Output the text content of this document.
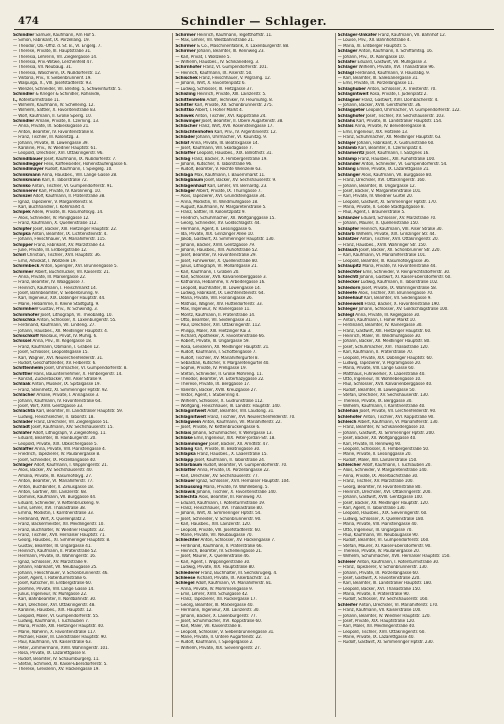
474	Schindler — Schlager.
Schindler Samuel, Kaufmann, Am Hof 5.
— Simon, Fabrikant, IX. Porzellang. 19.
— Theodor, Ob.-Offiz. d. St. B., VI. Engelg. 7.
— Therese, Private, III. Hauptstraße 31.
— Theresia, Lehrerin, VII. Zieglergasse 14.
— Theresia, Priv.-Witwe, Lerchenfeld 47.
— Theresia, VII. Neubaug. 31.
— Theresia, Wäscherin, IX. Nußdorferstr. 12.
— Viktoria, Priv., V. Siebenbrunnenf. 19.
— Walpurga, X., VIII. Josefstädterstr. 93.
— Wenzel, Schneider, VII. Breiteg. 5, Schweinfurtstr. 5.
Schindler & Krieger & Schindler, Rohseide,
I., Rotenturmstraße 11.
— Wilhelm, Kaufmann, IV. Schelleing. 12.
— Wilhelm, Sattler, X. Favoritenstraße 83.
— Wolf, Kaufmann, II. Große Sperlg. 10.
Schindler Amalie, Private, II. Czerning. 13.
— Anna, Private, IX. Sobieskigasse 21.
— Anton, Beamter, IV. Favoritenstraße 8.
— Franz, Tischler, III. Kolonitzg. 3.
— Johann, Private, III. Löwengasse 39.
— Karoline, Priv., IV. Wiedner Hauptstr. 61.
— Leopold, Drechsler, XVI. Ottakringerstr. 96.
Schindlbauer Josef, Kaufmann, IX. Nußdorferstr. 7.
Schindlegger Felix, Kaffeesieder, Hohenstaufengasse 6.
Schindlmayer Rudolf, Kaufmann, I. Spiegelg. 10.
Schinkmann Anna, Hausbes., VIII. Lange Gasse 28.
Schinkmann Karl, II. Taborstraße 72.
Schinko Anton, Tischler, VI. Gumpendorferstr. 91.
Schinnerer Karl, Private, IV. Karolineng. 10.
Schinzel Adolf, Kaufmann, II. Praterstraße 38.
— Ignaz, Tapezierer, V. Margaretenstr. 8.
— Karl, Buchhändler, I. Kohlmarkt 4.
Schipek Adele, Private, III. Rasumofskyg. 14.
— Alois, Schneider, IV. Paniglgasse 12.
— Franz, Kaufmann, X. Quellenstraße 112.
Schipfer Josef, Bäcker, XIII. Hietzinger Hauptstr. 22.
Schipka Anton, Beamter, IX. Lichtensteinstr. 4.
— Johann, Fleischhauer, VI. Mariahilferstr. 115.
Schipper Franz, Fabrikant, XV. Märzstraße 43.
— Julie, Private, III. Erdbergstraße 12.
Schirl Christian, Tischler, XVII. Hauptstr. 36.
— Emil, Advokat, I. Wollzeile 19.
Schirmbeck Anton, Spengler, XVI. Brunnengasse 5.
Schirmer Albert, Buchdrucker, VII. Kaiserstr. 21.
— Anna, Private, III. Marxergasse 22.
— Franz, Beamter, IV. Waaggasse 7.
— Heinrich, Kaufmann, I. Fleischmarkt 14.
— Josef, Bahnbeamter, V. Siebenbrunng. 9.
— Karl, Ingenieur, XIX. Döblinger Hauptstr. 44.
— Marie, Hebamme, II. Kleine Stadtgutg. 9.
Schirmherr Gustav, Priv., IV. Schwindg. 3.
Schirnhofer Josef, Lithograph, VI. Theobaldg. 10.
Schischka Anton, Schlosser, X. Laxenburgerstr. 55.
— Ferdinand, Kaufmann, VII. Lindeng. 27.
— Johann, Hausbes., XII. Meidlinger Hauptstr. 4.
Schischkoff Nikolaus, Privat, IV. Mühlg. 6.
Schissel Anna, Priv., III. Kegelgasse 18.
— Franz, Kaufmann, Obmann, I. Graben 12.
— Josef, Schlosser, Leopoldsgasse 15.
— Karl, Wagner, XVI. Neulerchenfelderstr. 31.
— Rudolf, Geschäftsleiter, XV. Felberstr. 6.
Schittenhelm Josef, Uhrmacher, VI. Gumpendorferstr. 8.
Schittler Hans, Bauunternehmer, X. Himbergerstr. 14.
— Konrad, Zuckerbäcker, VIII. Alser Straße 9.
Schlaak Anton, Musiker, IX. Spitalgasse 19.
— Franz, Steinmetz, XI. Simmeringer Hptstr. 92.
Schlacher Amalie, Private, I. Annagasse 3.
— Johann, Kaufmann, IV. Favoritenstraße 64.
— Josef, Wirt, XVIII. Gentzgasse 33.
Schlachta Karl, Beamter, III. Landstraßer Hauptstr. 59.
— Ludwig, Fleischselcher, II. Taborstr. 18.
Schlader Franz, Drechsler, VII. Zieglergasse 51.
Schladt Josef, Kaufmann, XIV. Sechshauserstr. 15.
Schläfer Adolf, Lithograph, V. Ziegelofeng. 11.
— Eduard, Beamter, III. Hainburgerstr. 20.
— Leopold, Private, XIX. Obkirchergasse 5.
Schlaffer Anna, Private, VIII. Piaristengasse 4.
— Friedrich, Tapezierer, IV. Paulanergasse 8.
— Josef, Schneider, IX. Porzellangasse 40.
Schlager Adolf, Kaufmann, I. Wipplingerstr. 21.
— Alois, Bäcker, XV. Sechshauserstr. 40.
— Amalia, Private, III. Rasumofskyg. 27.
— Anton, Beamter, VI. Mariahilferstr. 77.
— Anton, Buchbinder, II. Zirkusgasse 18.
— Anton, Gärtner, XIII. Lainzerstr. 68.
— Dominik, Kaufmann, VII. Burggasse 44.
— Eduard, Schneider, V. Kettenbrückeng. 9.
— Emil, Lehrer, XVI. Thaliastraße 38.
— Emma, Modistin, I. Kärntnerstraße 33.
— Ferdinand, Wirt, X. Quellenplatz 2.
— Franz, Bäckermeister, XII. Meidlingerstr. 10.
— Franz, Buchhalter, IV. Wiedner Hauptstr. 32.
— Franz, Tischler, XVII. Hernalser Hauptstr. 71.
— Georg, Hausbes., XI. Simmeringer Hauptstr. 8.
— Gustav, Beamter, III. Ungargasse 41.
— Heinrich, Kaufmann, II. Praterstraße 52.
— Hermann, Private, IX. Währingerstr. 16.
— Ignaz, Schlosser, XV. Märzstraße 9.
— Johann, Fabrikant, VII. Neubaugasse 25.
— Johann, Fleischhauer, V. Schönbrunnerstr. 46.
— Josef, Agent, I. Rotenturmstraße 6.
— Josef, Kutscher, III. Erdbergstraße 60.
— Josefine, Private, VIII. Lange Gasse 14.
— Julius, Ingenieur, IV. Mühlgasse 22.
— Karl, Bahnbeamter, II. Nordbahnstr. 30.
— Karl, Drechsler, XVI. Ottakringerstr. 48.
— Karoline, Hausbes., XIX. Hauptstr. 12.
— Leopold, Maler, VI. Gumpendorferstr. 55.
— Ludwig, Kaufmann, I. Tuchlauben 7.
— Maria, Private, XIII. Hietzinger Hauptstr. 40.
— Marie, Näherin, X. Favoritenstraße 117.
— Michael, Fiaker, III. Landstraßer Hauptstr. 90.
— Paul, Kaufmann, VII. Kaiserstraße 63.
— Peter, Zimmermann, XVIII. Währingerstr. 101.
— Rosa, Private, IX. Lazarettgasse 8.
— Rudolf, Beamter, IV. Schaumburgerg. 11.
— Stefan, Schmied, XI. Kaiser-Ebersdorferstr. 5.
— Therese, Greislerin, XV. Hackengasse 19.
Schirmer Heinrich, Kaufmann, Tegetthoffstr. 11.
— Max, Lehrer, VII. Westbahnstraße 21.
Schirmer & Co., Maschinenfabrik, X. Laxenburgerstr. 88.
Schirmer Johann, Beamter, III. Rennweg 23.
— Karl, Privat, I. Wollzeile 5.
— Wilhelm, Hausbes., IV. Schikanederg. 3.
Schirnhofer Franz, VI. Gumpendorferstr. 101.
— Heinrich, Kaufmann, IX. Alserstr. 50.
Schischek Franz, Fleischhauer, V. Pilgramg. 12.
— Johann, Wirt, X. Favoritenplatz 6.
— Ludwig, Schlosser, III. Hetzgasse 37.
Schisling Heinrich, Private, XIII. Lainzerstr. 5.
Schittenhelm Adolf, Techniker, IV. Heumühlg. 8.
Schitter Karl, Private, XII. Schönbrunnerstr. 275.
Schittko Albert, I. Hoher Markt 4.
Schiwek Anton, Tischler, XVI. Koppstraße 24.
Schiwinger Josef, Beamter, II. Obere Augartenstr. 38.
Schlacher Franz, Wirt, XVII. Rosensteingasse 17.
Schlachtenhofen Karl, Priv., IV. Argentinierstr. 12.
Schlader Johann, Uhrmacher, VI. Kaunitzg. 9.
Schlaf Anna, Private, III. Beatrixgasse 14.
— Josef, Kaufmann, VIII. Skodagasse 7.
Schlaffer Leopold, Hausbes., XIX. Billrothstr. 31.
Schlag Franz, Bäcker, X. Himbergerstraße 19.
— Johann, Kutscher, II. Taborstraße 96.
— Rudolf, Beamter, V. Rechte Wienzeile 63.
Schlaga Max, Kaufmann, I. Bauernmarkt 11.
Schlagbaum Josef, Bäcker, XV. Sechshauserstr. 9.
Schlagenhauf Karl, Lehrer, VII. Bernardg. 23.
Schlager Albert, Private, IX. Thurngasse 7.
— Alois, Tapezierer, XVI. Grundsteingasse 34.
— Anna, Modistin, VI. Windmühlgasse 18.
— August, Kaufmann, IV. Margaretenstraße 5.
— Franz, Sattler, III. Kolonitzplatz 9.
— Friedrich, Schuhmacher, XII. Wolfganggasse 15.
— Georg, Schneider, XV. Goldschlagstr. 44.
— Hermann, Agent, II. Lessinggasse 6.
— Ida, Private, XIX. Grinzinger Allee 10.
— Jakob, Gastwirt, XI. Simmeringer Hauptstr. 130.
— Johann, Bäcker, XVIII. Gentzgasse 79.
— Johann, Hausbes., XIII. Auhofstraße 52.
— Josef, Beamter, IV. Favoritenstraße 29.
— Josef, Fuhrwerker, X. Quellenstraße 80.
— Julius, Lithograph, VI. Mollardgasse 21.
— Karl, Kaufmann, I. Graben 20.
— Karl, Schlosser, XVII. Kalvarienberggasse 3.
— Katharina, Hebamme, V. Arbeitergasse 16.
— Leopold, Buchhalter, III. Löwengasse 14.
— Ludwig, Fabrikant, IX. Liechtensteinstr. 64.
— Maria, Private, VIII. Florianigasse 26.
— Mathias, Wagner, XIV. Hütteldorferstr. 33.
— Max, Ingenieur, IV. Rainergasse 11.
— Moritz, Kaufmann, II. Praterstraße 14.
— Otto, Beamter, VII. Seidengasse 31.
— Paul, Drechsler, XVI. Ottakringerstr. 112.
— Philipp, Maler, XIII. Hietzinger Kai 3.
— Richard, Apotheker, X. Favoritenstraße 66.
— Robert, Private, III. Ungargasse 59.
— Rosa, Greislerin, XII. Meidlinger Hauptstr. 21.
— Rudolf, Kaufmann, I. Schottengasse 7.
— Rudolf, Tischler, XV. Mariahilfergürtel 8.
— Sebastian, Kutscher, V. Margaretengürtel 40.
— Sophie, Private, IV. Preßgasse 19.
— Stefan, Schneider, II. Große Mohreng. 11.
— Theodor, Beamter, VI. Esterhazygasse 22.
— Therese, Private, IX. Berggasse 17.
— Valentin, Bäcker, XVIII. Kreuzgasse 27.
— Viktor, Agent, I. Stubenring 4.
— Wilhelm, Schlosser, X. Gudrunstraße 112.
— Wolfgang, Fleischhauer, III. Landstr. Hauptstr. 140.
Schlagintweit Adolf, Beamter, VIII. Laudong. 31.
Schlagnitweit Franz, Tischler, XVI. Neulerchenfelderstr. 70.
Schlagwein Anton, Kaufmann, VII. Mariahilferstr. 22.
— Josef, Private, IV. Kettenbrückengasse 6.
Schlais Johann, Schuhmacher, V. Wehrgasse 13.
Schlake Emil, Ingenieur, XIX. Peter-Jordan-Str. 18.
Schlamminger Josef, Bäcker, XII. Arndtstr. 47.
Schlang Karl, Private, III. Beatrixgasse 30.
Schlapka Franz, Hausbes., X. Laaerstraße 15.
Schlapp Josef, Kaufmann, II. Taborstraße 24.
Schlarbaum Rudolf, Beamter, VI. Gumpendorferstr. 70.
Schlatter Anna, Private, IX. Porzellangasse 22.
— Karl, Drechsler, XV. Sechshauserstr. 77.
Schlauer Ignaz, Schlosser, XVII. Hernalser Hauptstr. 104.
Schlaussnig Maria, Private, IV. Wohllebeng. 5.
Schlawik Johann, Tischler, X. Favoritenstraße 140.
Schlechta Alois, Beamter, III. Rennweg 70.
— Eduard, Kaufmann, I. Rotenturmstraße 19.
— Franz, Fleischhauer, XVI. Thaliastraße 80.
— Johann, Wirt, XI. Simmeringer Hptstr. 54.
— Josef, Schneider, V. Schönbrunnerstr. 90.
— Karl, Hausbes., XIII. Lainzerstr. 120.
— Leopold, Private, VIII. Josefstädterstr. 60.
— Marie, Private, VII. Neubaugasse 70.
Schlechter Anton, Schlosser, XV. Hackengasse 7.
— Ferdinand, Kaufmann, II. Praterstraße 66.
— Heinrich, Beamter, IV. Schelleingasse 21.
— Josef, Maurer, X. Quellenstraße 46.
— Karl, Agent, I. Wipplingerstraße 30.
— Ludwig, Private, XIX. Hauptstraße 80.
Schlederer Franz, Buchhalter, III. Sechskrügelg. 4.
Schleese Richard, Private, IX. Alserbachstr. 13.
Schlegel Adolf, Kaufmann, VI. Mariahilferstr. 81.
— Anna, Private, IV. Mommsengasse 9.
— Emil, Lehrer, XVIII. Schulgasse 42.
— Franz, Tapezierer, XII. Ruckergasse 17.
— Georg, Beamter, III. Marxergasse 40.
— Hermann, Ingenieur, XIII. Lainzerstr. 30.
— Johann, Bäcker, X. Laxenburgerstr. 77.
— Josef, Schuhmacher, XVI. Koppstraße 60.
— Karl, Maler, VII. Kaiserstraße 8.
— Leopold, Schlosser, V. Siebenbrunnengasse 31.
— Marie, Private, II. Untere Augartenstr. 22.
— Rudolf, Kaufmann, I. Spiegelgasse 2.
— Wilhelm, Private, XIX. Sieveringerstr. 27.
Schlager-Unkafer Franz, Kaufmann, VII. Bahnhof 12.
— Louise, Priv., XII. Bahnhofstraße 4.
— Maria, XI. Erdberger Hauptstr. 5.
Schläger Anton, Kaufmann, II. Schiffamtsg. 16.
— Johann, Priv., IX. Kolingasse 10.
Schläfer Eduard, Gastwirt, VII. Mühlgasse 3.
Schlager Wilhelm, Private, XVI. Thaliastraße 96.
Schlägl Ferdinand, Kaufmann, V. Hauslabg. 9.
— Karl, Beamter, III. Salesianergasse 31.
— Emil, Private, IX. Porzellangasse 11.
Schlaghuber Anton, Schlosser, X. Triesterstr. 70.
Schlagintweit Rosa, Private, I. Judenplatz 2.
Schlagner Franz, Gastwirt, XVII. Dornbacherstr. 4.
— Johann, Bäcker, XVIII. Gersthoferstr. 36.
Schlaggeter Leopold, Uhrmacher, VI. Gumpendorferstr. 122.
Schlaghofer Josef, Tischler, XV. Sechshauserstr. 103.
Schlahs Karl, Private, III. Landstraßer Hauptstr. 154.
Schlais Anna, Private, IV. Belvederegasse 8.
— Emil, Ingenieur, XIX. Hofzeile 13.
— Franz, Schuhmacher, XII. Meidlinger Hauptstr. 63.
Schlajer Johann, Fabrikant, X. Gudrunstraße 60.
Schlamb Karl, Beamter, II. Czerninplatz 4.
Schlameritz Josef, Kaufmann, I. Salzgries 16.
Schlamp Franz, Hausbes., XIII. Auhofstraße 100.
Schlander Anton, Schneider, VI. Gumpendorferstr. 54.
Schlang Emilie, Private, IX. Lazarettgasse 21.
Schlanger Alois, Kaufmann, VII. Burggasse 80.
— Franz, Drechsler, XVI. Ottakringerstr. 160.
— Johann, Beamter, III. Ungargasse 12.
— Josef, Bäcker, V. Margaretenstraße 101.
— Karl, Private, IV. Wiedner Gürtel 20.
— Leopold, Gastwirt, XI. Simmeringer Hptstr. 170.
— Maria, Private, II. Große Stadtgutgasse 8.
— Paul, Agent, I. Bräunerstraße 5.
Schlanzer Eduard, Schlosser, XV. Märzstraße 70.
— Johann, Maurer, X. Quellenstraße 150.
Schlapfer Heinrich, Kaufmann, VIII. Alser Straße 30.
Schlarb Wilhelm, Private, XIX. Grinzinger Str. 44.
Schlatzer Anton, Tischler, XVII. Ottakringerstr. 20.
— Franz, Hausbes., XVIII. Währinger Str. 150.
Schlauch Josef, Bäcker, XII. Schönbrunner Str. 220.
— Karl, Kaufmann, VI. Mariahilferstraße 101.
— Leopold, Beamter, III. Rasumofskygasse 36.
Schlaupitz Maria, Private, IV. Favoritenstraße 44.
Schlechter Emil, Schneider, V. Reinprechtsdorferstr. 30.
Schlechtl Johann, Gastwirt, XI. Kaiser-Ebersdorferstr. 60.
Schlecker Ludwig, Kaufmann, II. Taborstraße 102.
Schledorn Josef, Private, IX. Währingerstraße 58.
Schleefe Alois, Tischler, XVI. Brunnengasse 70.
Schleehauf Karl, Beamter, VII. Seidengasse 9.
Schleeweiß Franz, Bäcker, X. Favoritenstraße 190.
Schleger Johann, Schlosser, XV. Goldschlagstraße 100.
Schlegl Anna, Private, III. Kegelgasse 30.
— Anton, Kaufmann, I. Hoher Markt 10.
— Ferdinand, Beamter, IV. Rainergasse 30.
— Franz, Gastwirt, XIII. Hietzinger Hauptstr. 60.
— Heinrich, Maler, VI. Windmühlgasse 30.
— Johann, Bäcker, XII. Meidlinger Hauptstr. 80.
— Josef, Schuhmacher, XVI. Thaliastraße 120.
— Karl, Kaufmann, II. Praterstraße 70.
— Leopold, Private, XIX. Döblinger Hauptstr. 60.
— Ludwig, Tapezierer, V. Pilgramgasse 20.
— Maria, Private, VIII. Lange Gasse 60.
— Matthäus, Fuhrwerker, X. Laaerstraße 40.
— Otto, Ingenieur, IV. Wohllebengasse 10.
— Paul, Schlosser, XVII. Kalvarienberggasse 40.
— Rudolf, Beamter, III. Löwengasse 50.
— Stefan, Drechsler, XV. Sechshauserstr. 130.
— Therese, Private, IX. Berggasse 30.
— Wilhelm, Kaufmann, I. Kärntnerstraße 40.
Schlehan Josef, Private, VII. Lerchenfelderstr. 90.
Schlehofer Anton, Tischler, XVI. Koppstraße 90.
Schleich Albert, Kaufmann, VI. Mariahilferstr. 130.
— Franz, Beamter, IV. Schikanedergasse 10.
— Johann, Gastwirt, XI. Simmeringer Hptstr. 200.
— Josef, Bäcker, XII. Wolfganggasse 40.
— Karl, Private, III. Rennweg 90.
— Leopold, Schlosser, X. Himbergerstraße 50.
— Marie, Private, II. Lessinggasse 20.
— Rudolf, Maler, XIII. Lainzerstraße 150.
Schleicher Adolf, Kaufmann, I. Tuchlauben 20.
— Alois, Schneider, V. Margaretenstraße 140.
— Anna, Private, IX. Alserbachstraße 30.
— Franz, Tischler, XV. Märzstraße 100.
— Georg, Beamter, IV. Favoritenstraße 80.
— Heinrich, Drechsler, XVI. Ottakringerstr. 200.
— Johann, Gastwirt, XVIII. Gentzgasse 100.
— Josef, Bäcker, XII. Meidlinger Hauptstr. 120.
— Karl, Agent, II. Taborstraße 130.
— Leopold, Hausbes., XIX. Sieveringerstr. 60.
— Ludwig, Schlosser, X. Quellenstraße 180.
— Maria, Private, VIII. Piaristengasse 40.
— Otto, Ingenieur, III. Ungargasse 70.
— Paul, Kaufmann, VII. Neubaugasse 90.
— Rudolf, Beamter, VI. Gumpendorferstr. 160.
— Stefan, Maurer, XI. Kaiser-Ebersdorferstr. 90.
— Therese, Private, IV. Paulanergasse 20.
— Wilhelm, Schuhmacher, XVII. Hernalser Hauptstr. 150.
Schleier Anton, Kaufmann, I. Rotenturmstraße 30.
— Franz, Tapezierer, V. Schönbrunnerstr. 130.
— Johann, Private, IX. Porzellangasse 60.
— Josef, Gastwirt, X. Favoritenstraße 220.
— Karl, Beamter, III. Landstraßer Hauptstr. 180.
— Leopold, Bäcker, XVI. Thaliastraße 150.
— Maria, Private, II. Praterstraße 90.
— Rudolf, Schlosser, XV. Sechshauserstr. 160.
Schleifer Anton, Drechsler, VI. Mariahilferstr. 170.
— Franz, Kaufmann, VII. Kaiserstraße 100.
— Johann, Beamter, IV. Wiedner Hauptstr. 120.
— Josef, Private, XIX. Hauptstraße 120.
— Karl, Maler, XII. Meidlingerstraße 40.
— Leopold, Tischler, XVII. Ottakringerstr. 60.
— Marie, Private, IX. Lazarettgasse 40.
— Rudolf, Gastwirt, XI. Simmeringer Hptstr. 230.
